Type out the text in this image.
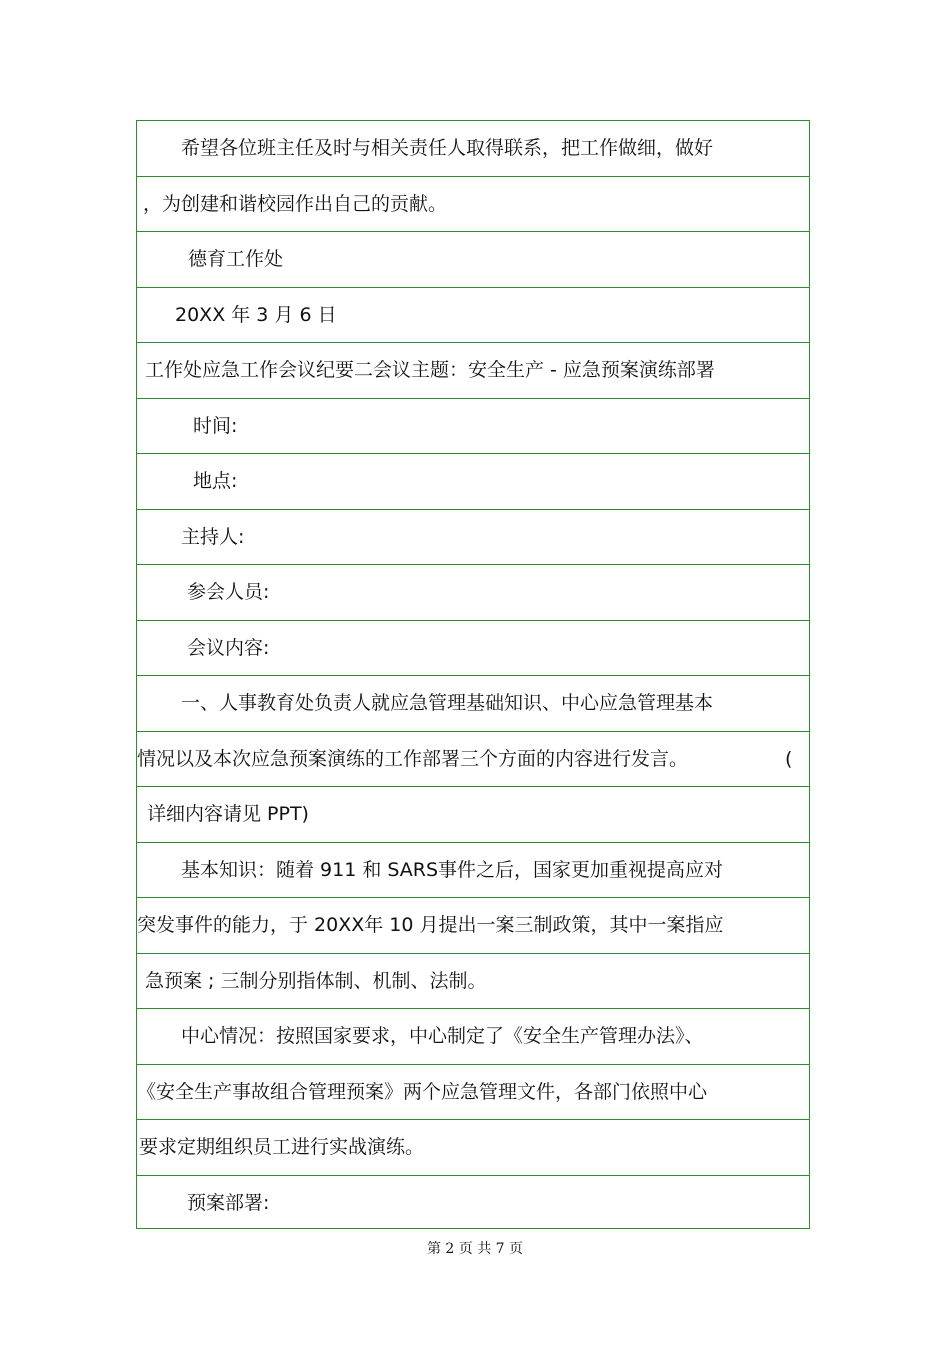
希望各位班主任及时与相关责任人取得联系，把工作做细，做好
，为创建和谐校园作出自己的贡献。
德育工作处
20XX 年 3 月 6 日
工作处应急工作会议纪要二会议主题：安全生产 - 应急预案演练部署
时间:
地点:
主持人:
参会人员:
会议内容:
一、人事教育处负责人就应急管理基础知识、中心应急管理基本
情况以及本次应急预案演练的工作部署三个方面的内容进行发言。	(
详细内容请见 PPT)
基本知识：随着 911 和 SARS事件之后，国家更加重视提高应对
突发事件的能力，于 20XX年 10 月提出一案三制政策，其中一案指应
急预案 ; 三制分别指体制、机制、法制。
中心情况：按照国家要求，中心制定了《安全生产管理办法》、
《安全生产事故组合管理预案》两个应急管理文件，各部门依照中心
要求定期组织员工进行实战演练。
预案部署:
第 2 页 共 7 页
